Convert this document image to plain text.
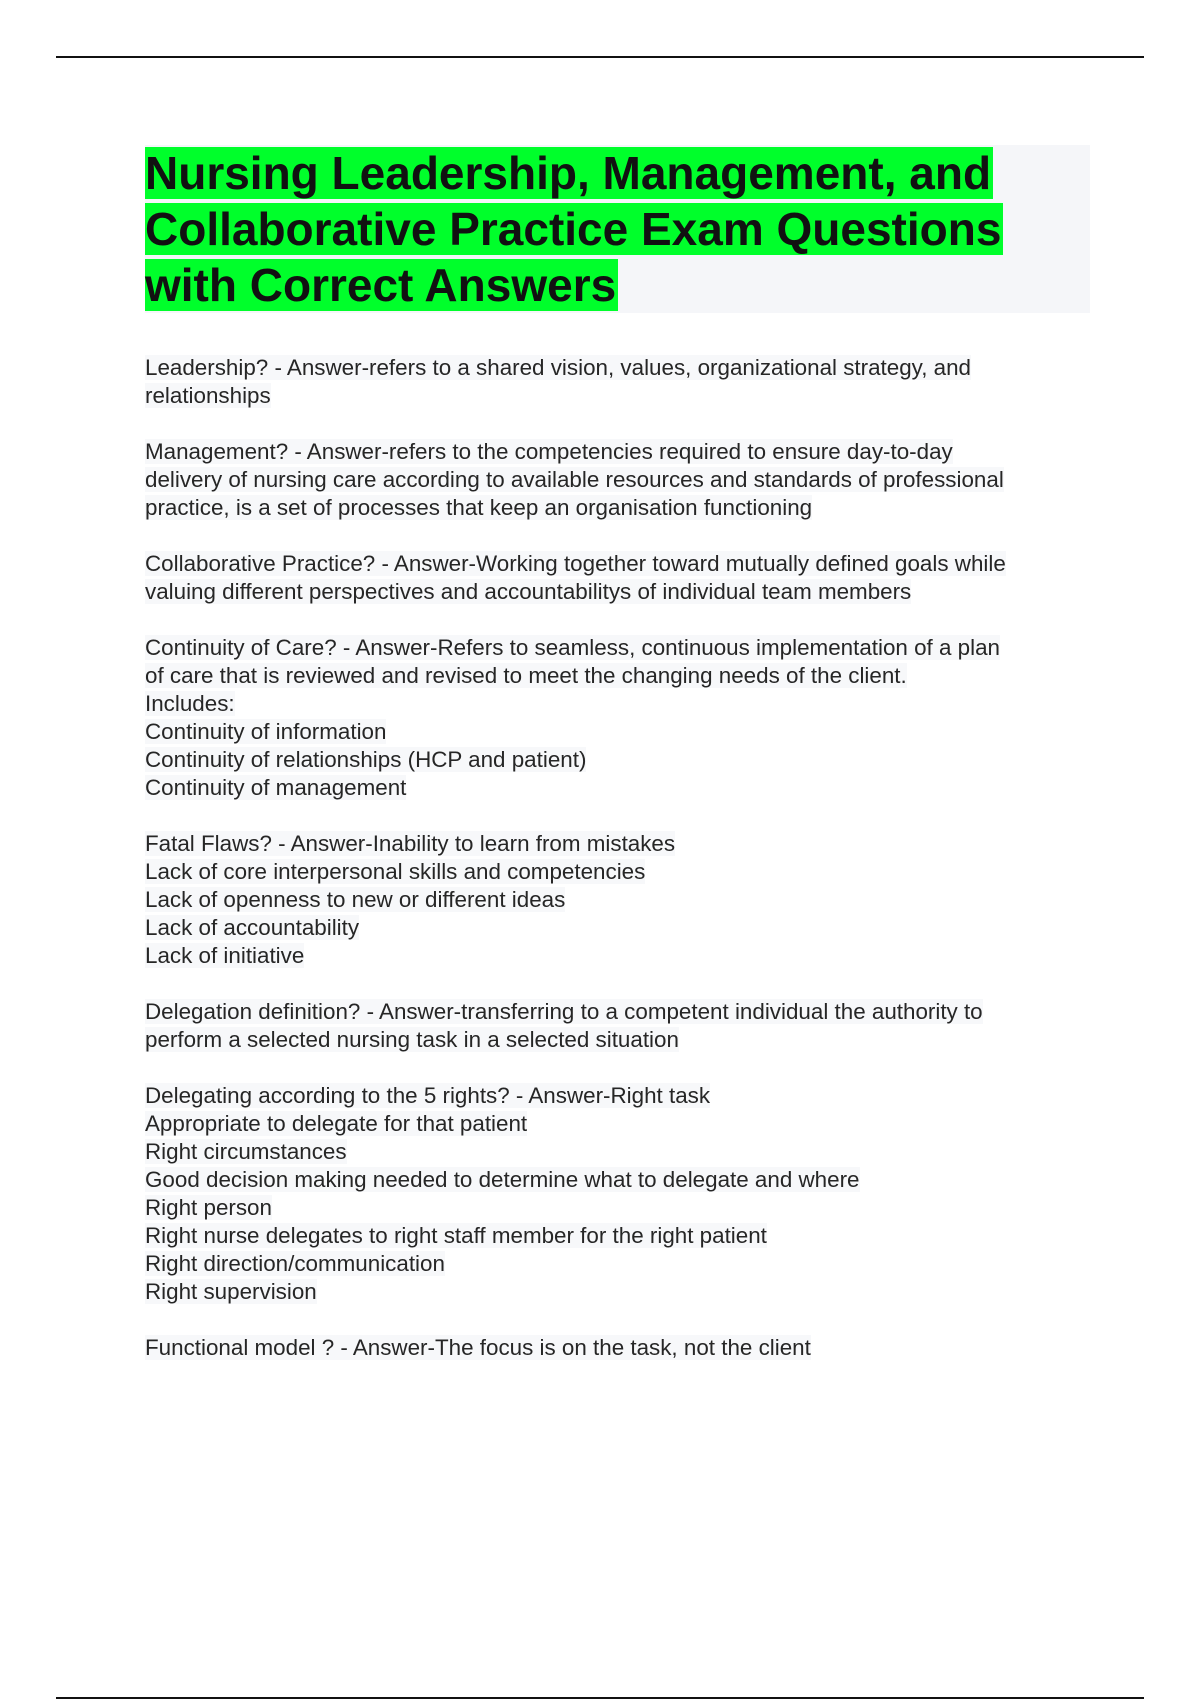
Nursing Leadership, Management, and
Collaborative Practice Exam Questions
with Correct Answers

Leadership? - Answer-refers to a shared vision, values, organizational strategy, and

relationships

Management? - Answer-refers to the competencies required to ensure day-to-day

delivery of nursing care according to available resources and standards of professional

practice, is a set of processes that keep an organisation functioning

Collaborative Practice? - Answer-Working together toward mutually defined goals while

valuing different perspectives and accountabilitys of individual team members

Continuity of Care? - Answer-Refers to seamless, continuous implementation of a plan

of care that is reviewed and revised to meet the changing needs of the client.

Includes:

Continuity of information

Continuity of relationships (HCP and patient)

Continuity of management

Fatal Flaws? - Answer-Inability to learn from mistakes

Lack of core interpersonal skills and competencies

Lack of openness to new or different ideas

Lack of accountability

Lack of initiative

Delegation definition? - Answer-transferring to a competent individual the authority to

perform a selected nursing task in a selected situation

Delegating according to the 5 rights? - Answer-Right task

Appropriate to delegate for that patient

Right circumstances

Good decision making needed to determine what to delegate and where

Right person

Right nurse delegates to right staff member for the right patient

Right direction/communication

Right supervision

Functional model ? - Answer-The focus is on the task, not the client
